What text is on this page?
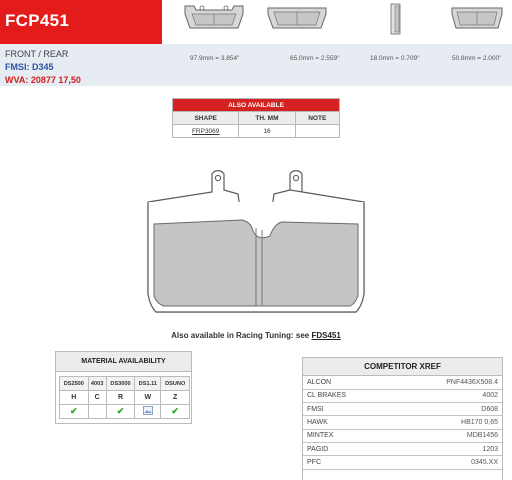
FCP451
FRONT / REAR
FMSI: D345
WVA: 20877 17,50
97.9mm = 3.854"	65.0mm = 2.559"	18.0mm = 0.709"	50.8mm = 2.000"
ALSO AVAILABLE		
SHAPE	TH. MM	NOTE
FRP3069	16	
Also available in Racing Tuning: see FDS451
MATERIAL AVAILABILITY
DS2500	4003	DS3000	DS1.11	DSUNO
H	C	R	W	Z
✔		✔		✔
COMPETITOR XREF
ALCON	PNF4436X508.4
CL BRAKES	4002
FMSI	D608
HAWK	HB170 0,65
MINTEX	MDB1456
PAGID	1203
PFC	0345.XX
